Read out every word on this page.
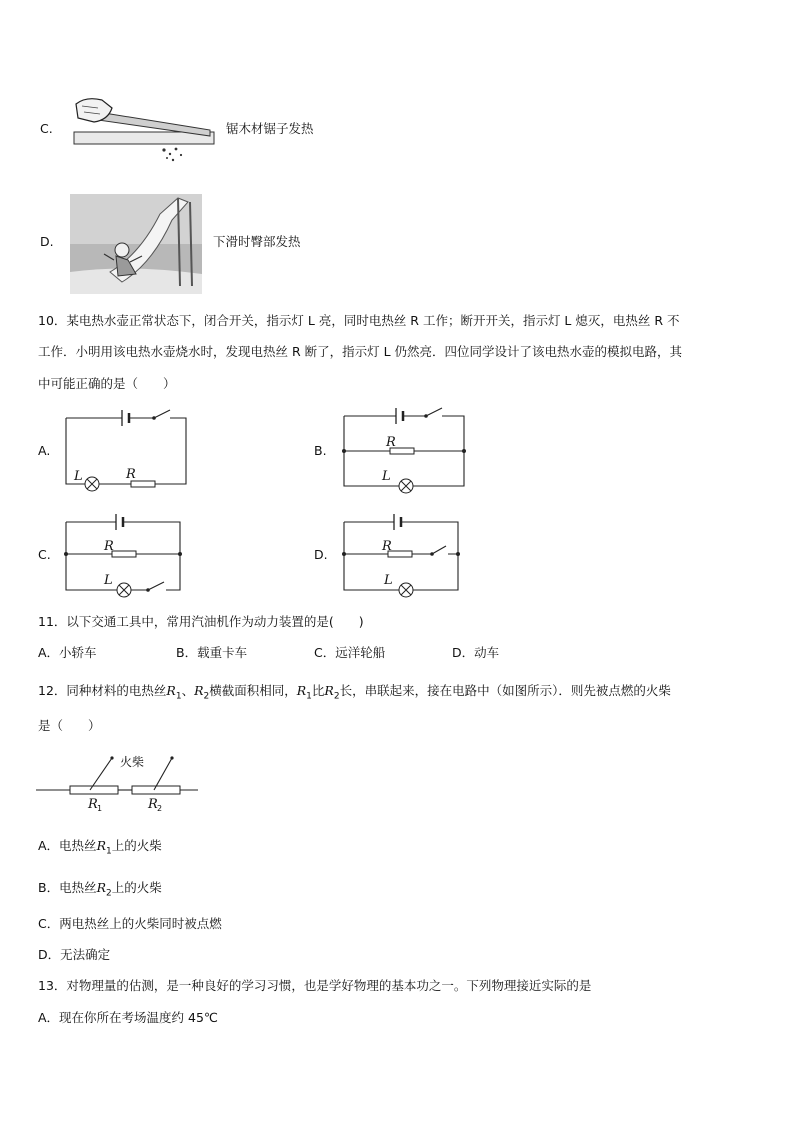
C.	锯木材锯子发热
D.	下滑时臀部发热
10．某电热水壶正常状态下，闭合开关，指示灯 L 亮，同时电热丝 R 工作；断开开关，指示灯 L 熄灭，电热丝 R 不
工作．小明用该电热水壶烧水时，发现电热丝 R 断了，指示灯 L 仍然亮．四位同学设计了该电热水壶的模拟电路，其
中可能正确的是（　　）
A.	B.
C.	D.
L	R
R
L
R
L
R
L
11．以下交通工具中，常用汽油机作为动力装置的是(　　)
A．小轿车	B．载重卡车	C．远洋轮船	D．动车
12．同种材料的电热丝$R_1$、$R_2$横截面积相同，$R_1$比$R_2$长，串联起来，接在电路中（如图所示）．则先被点燃的火柴
是（　　）
火柴
R 1	R 2
A．电热丝$R_1$上的火柴
B．电热丝$R_2$上的火柴
C．两电热丝上的火柴同时被点燃
D．无法确定
13．对物理量的估测，是一种良好的学习习惯，也是学好物理的基本功之一。下列物理接近实际的是
A．现在你所在考场温度约 45℃
